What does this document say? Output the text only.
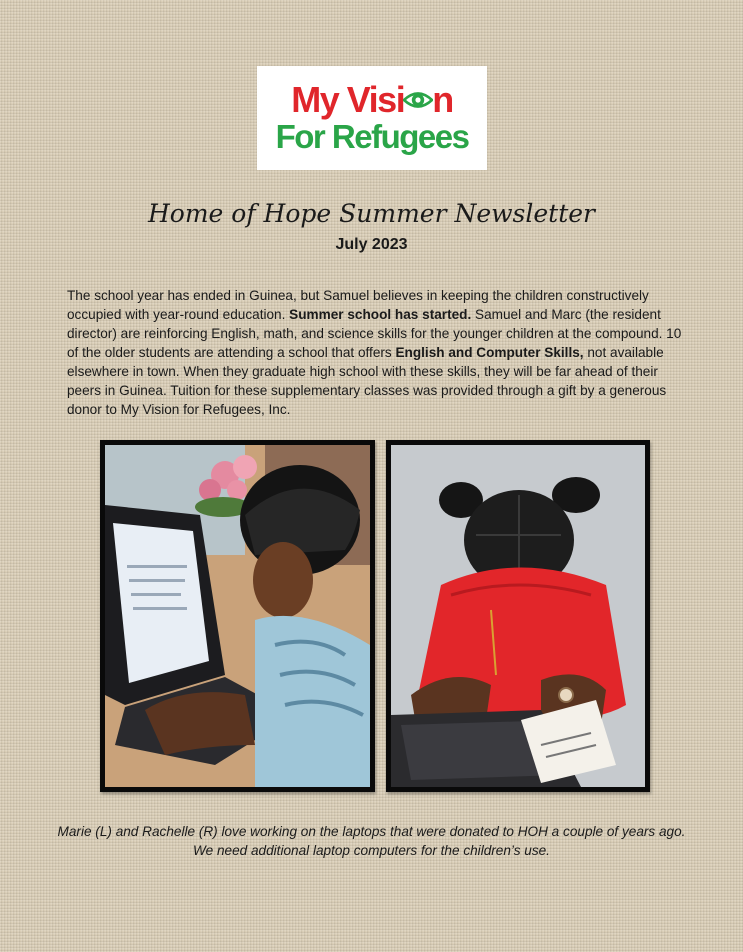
My Visi n
For Refugees
Home of Hope Summer Newsletter
July 2023

The school year has ended in Guinea, but Samuel believes in keeping the children constructively occupied with year-round education. Summer school has started. Samuel and Marc (the resident director) are reinforcing English, math, and science skills for the younger children at the compound. 10 of the older students are attending a school that offers English and Computer Skills, not available elsewhere in town. When they graduate high school with these skills, they will be far ahead of their peers in Guinea. Tuition for these supplementary classes was provided through a gift by a generous donor to My Vision for Refugees, Inc.

Marie (L) and Rachelle (R) love working on the laptops that were donated to HOH a couple of years ago.
We need additional laptop computers for the children’s use.
